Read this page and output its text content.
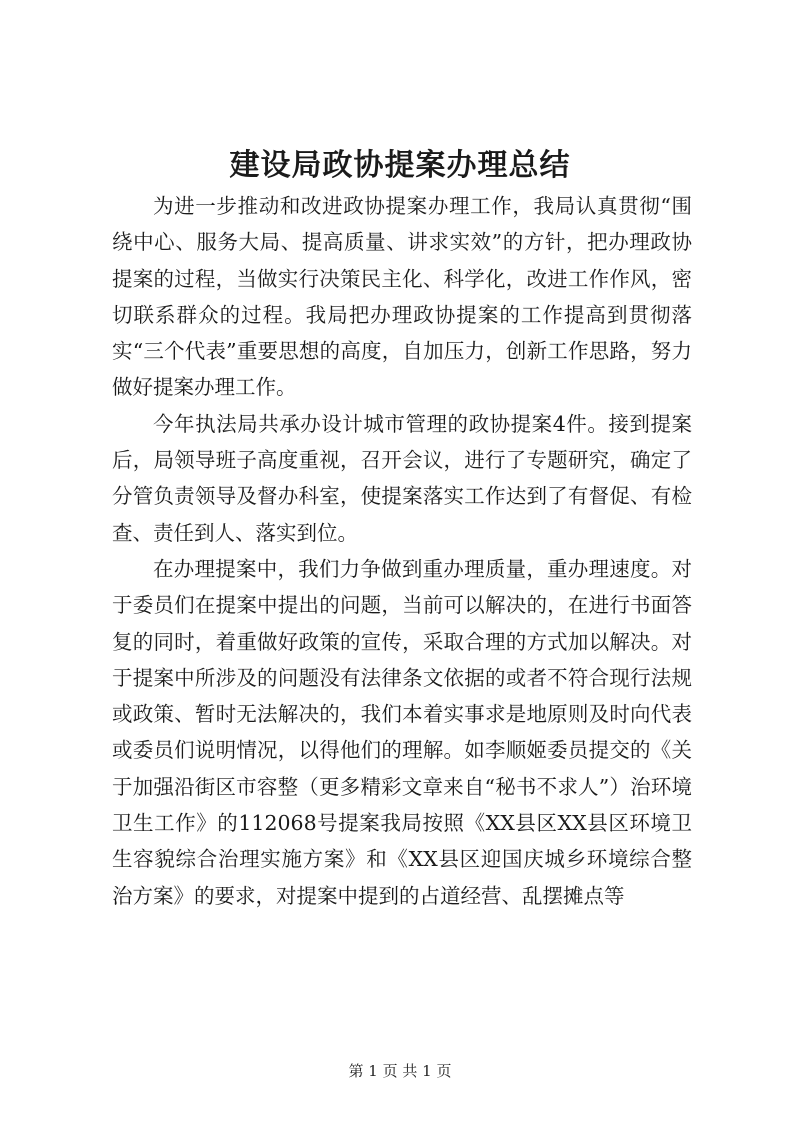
建设局政协提案办理总结

为进一步推动和改进政协提案办理工作，我局认真贯彻“围绕中心、服务大局、提高质量、讲求实效”的方针，把办理政协提案的过程，当做实行决策民主化、科学化，改进工作作风，密切联系群众的过程。我局把办理政协提案的工作提高到贯彻落实“三个代表”重要思想的高度，自加压力，创新工作思路，努力做好提案办理工作。

今年执法局共承办设计城市管理的政协提案4件。接到提案后，局领导班子高度重视，召开会议，进行了专题研究，确定了分管负责领导及督办科室，使提案落实工作达到了有督促、有检查、责任到人、落实到位。

在办理提案中，我们力争做到重办理质量，重办理速度。对于委员们在提案中提出的问题，当前可以解决的，在进行书面答复的同时，着重做好政策的宣传，采取合理的方式加以解决。对于提案中所涉及的问题没有法律条文依据的或者不符合现行法规或政策、暂时无法解决的，我们本着实事求是地原则及时向代表或委员们说明情况，以得他们的理解。如李顺姬委员提交的《关于加强沿街区市容整（更多精彩文章来自“秘书不求人”）治环境卫生工作》的112068号提案我局按照《XX县区XX县区环境卫生容貌综合治理实施方案》和《XX县区迎国庆城乡环境综合整治方案》的要求，对提案中提到的占道经营、乱摆摊点等

第 1 页 共 1 页
